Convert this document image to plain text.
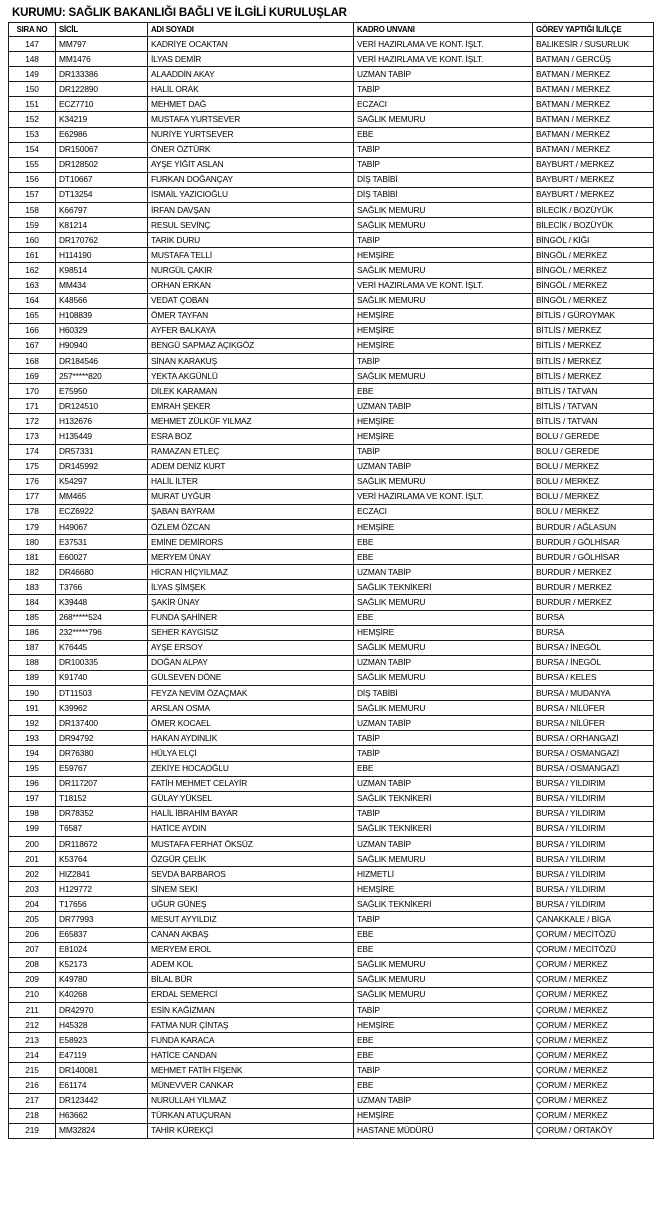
KURUMU: SAĞLIK BAKANLIĞI BAĞLI VE İLGİLİ KURULUŞLAR
SIRA NO	SİCİL	ADI SOYADI	KADRO UNVANI	GÖREV YAPTIĞI İL/İLÇE
147	MM797	KADRİYE OCAKTAN	VERİ HAZIRLAMA VE KONT. İŞLT.	BALIKESİR / SUSURLUK
148	MM1476	İLYAS DEMİR	VERİ HAZIRLAMA VE KONT. İŞLT.	BATMAN / GERCÜŞ
149	DR133386	ALAADDİN AKAY	UZMAN TABİP	BATMAN / MERKEZ
150	DR122890	HALİL ORAK	TABİP	BATMAN / MERKEZ
151	ECZ7710	MEHMET DAĞ	ECZACI	BATMAN / MERKEZ
152	K34219	MUSTAFA YURTSEVER	SAĞLIK MEMURU	BATMAN / MERKEZ
153	E62986	NURİYE YURTSEVER	EBE	BATMAN / MERKEZ
154	DR150067	ÖNER ÖZTÜRK	TABİP	BATMAN / MERKEZ
155	DR128502	AYŞE YİĞİT ASLAN	TABİP	BAYBURT / MERKEZ
156	DT10667	FURKAN DOĞANÇAY	DİŞ TABİBİ	BAYBURT / MERKEZ
157	DT13254	İSMAİL YAZICIOĞLU	DİŞ TABİBİ	BAYBURT / MERKEZ
158	K66797	İRFAN DAVŞAN	SAĞLIK MEMURU	BİLECİK / BOZÜYÜK
159	K81214	RESUL SEVİNÇ	SAĞLIK MEMURU	BİLECİK / BOZÜYÜK
160	DR170762	TARIK DURU	TABİP	BİNGÖL / KİĞI
161	H114190	MUSTAFA TELLİ	HEMŞİRE	BİNGÖL / MERKEZ
162	K98514	NURGÜL ÇAKIR	SAĞLIK MEMURU	BİNGÖL / MERKEZ
163	MM434	ORHAN ERKAN	VERİ HAZIRLAMA VE KONT. İŞLT.	BİNGÖL / MERKEZ
164	K48566	VEDAT ÇOBAN	SAĞLIK MEMURU	BİNGÖL / MERKEZ
165	H108839	ÖMER TAYFAN	HEMŞİRE	BİTLİS / GÜROYMAK
166	H60329	AYFER BALKAYA	HEMŞİRE	BİTLİS / MERKEZ
167	H90940	BENGÜ SAPMAZ AÇIKGÖZ	HEMŞİRE	BİTLİS / MERKEZ
168	DR184546	SİNAN KARAKUŞ	TABİP	BİTLİS / MERKEZ
169	257*****820	YEKTA AKGÜNLÜ	SAĞLIK MEMURU	BİTLİS / MERKEZ
170	E75950	DİLEK KARAMAN	EBE	BİTLİS / TATVAN
171	DR124510	EMRAH ŞEKER	UZMAN TABİP	BİTLİS / TATVAN
172	H132676	MEHMET ZÜLKÜF YILMAZ	HEMŞİRE	BİTLİS / TATVAN
173	H135449	ESRA BOZ	HEMŞİRE	BOLU / GEREDE
174	DR57331	RAMAZAN ETLEÇ	TABİP	BOLU / GEREDE
175	DR145992	ADEM DENİZ KURT	UZMAN TABİP	BOLU / MERKEZ
176	K54297	HALİL İLTER	SAĞLIK MEMURU	BOLU / MERKEZ
177	MM465	MURAT UYĞUR	VERİ HAZIRLAMA VE KONT. İŞLT.	BOLU / MERKEZ
178	ECZ6922	ŞABAN BAYRAM	ECZACI	BOLU / MERKEZ
179	H49067	ÖZLEM ÖZCAN	HEMŞİRE	BURDUR / AĞLASUN
180	E37531	EMİNE DEMİRORS	EBE	BURDUR / GÖLHİSAR
181	E60027	MERYEM ÜNAY	EBE	BURDUR / GÖLHİSAR
182	DR46680	HİCRAN HİÇYILMAZ	UZMAN TABİP	BURDUR / MERKEZ
183	T3766	İLYAS ŞİMŞEK	SAĞLIK TEKNİKERİ	BURDUR / MERKEZ
184	K39448	ŞAKİR ÜNAY	SAĞLIK MEMURU	BURDUR / MERKEZ
185	268*****524	FUNDA ŞAHİNER	EBE	BURSA
186	232*****796	SEHER KAYGISIZ	HEMŞİRE	BURSA
187	K76445	AYŞE ERSOY	SAĞLIK MEMURU	BURSA / İNEGÖL
188	DR100335	DOĞAN ALPAY	UZMAN TABİP	BURSA / İNEGÖL
189	K91740	GÜLSEVEN DÖNE	SAĞLIK MEMURU	BURSA / KELES
190	DT11503	FEYZA NEVİM ÖZAÇMAK	DİŞ TABİBİ	BURSA / MUDANYA
191	K39962	ARSLAN OSMA	SAĞLIK MEMURU	BURSA / NİLÜFER
192	DR137400	ÖMER KOCAEL	UZMAN TABİP	BURSA / NİLÜFER
193	DR94792	HAKAN AYDINLIK	TABİP	BURSA / ORHANGAZİ
194	DR76380	HÜLYA ELÇİ	TABİP	BURSA / OSMANGAZİ
195	E59767	ZEKİYE HOCAOĞLU	EBE	BURSA / OSMANGAZİ
196	DR117207	FATİH MEHMET CELAYİR	UZMAN TABİP	BURSA / YILDIRIM
197	T18152	GÜLAY YÜKSEL	SAĞLIK TEKNİKERİ	BURSA / YILDIRIM
198	DR78352	HALİL İBRAHİM BAYAR	TABİP	BURSA / YILDIRIM
199	T6587	HATİCE AYDIN	SAĞLIK TEKNİKERİ	BURSA / YILDIRIM
200	DR118672	MUSTAFA FERHAT ÖKSÜZ	UZMAN TABİP	BURSA / YILDIRIM
201	K53764	ÖZGÜR ÇELİK	SAĞLIK MEMURU	BURSA / YILDIRIM
202	HIZ2841	SEVDA BARBAROS	HİZMETLİ	BURSA / YILDIRIM
203	H129772	SİNEM SEKİ	HEMŞİRE	BURSA / YILDIRIM
204	T17656	UĞUR GÜNEŞ	SAĞLIK TEKNİKERİ	BURSA / YILDIRIM
205	DR77993	MESUT AYYILDIZ	TABİP	ÇANAKKALE / BİGA
206	E65837	CANAN AKBAŞ	EBE	ÇORUM / MECİTÖZÜ
207	E81024	MERYEM EROL	EBE	ÇORUM / MECİTÖZÜ
208	K52173	ADEM KOL	SAĞLIK MEMURU	ÇORUM / MERKEZ
209	K49780	BİLAL BÜR	SAĞLIK MEMURU	ÇORUM / MERKEZ
210	K40268	ERDAL SEMERCİ	SAĞLIK MEMURU	ÇORUM / MERKEZ
211	DR42970	ESİN KAĞIZMAN	TABİP	ÇORUM / MERKEZ
212	H45328	FATMA NUR ÇİNTAŞ	HEMŞİRE	ÇORUM / MERKEZ
213	E58923	FUNDA KARACA	EBE	ÇORUM / MERKEZ
214	E47119	HATİCE CANDAN	EBE	ÇORUM / MERKEZ
215	DR140081	MEHMET FATİH FİŞENK	TABİP	ÇORUM / MERKEZ
216	E61174	MÜNEVVER CANKAR	EBE	ÇORUM / MERKEZ
217	DR123442	NURULLAH YILMAZ	UZMAN TABİP	ÇORUM / MERKEZ
218	H63662	TÜRKAN ATUÇURAN	HEMŞİRE	ÇORUM / MERKEZ
219	MM32824	TAHİR KÜREKÇİ	HASTANE MÜDÜRÜ	ÇORUM / ORTAKÖY
